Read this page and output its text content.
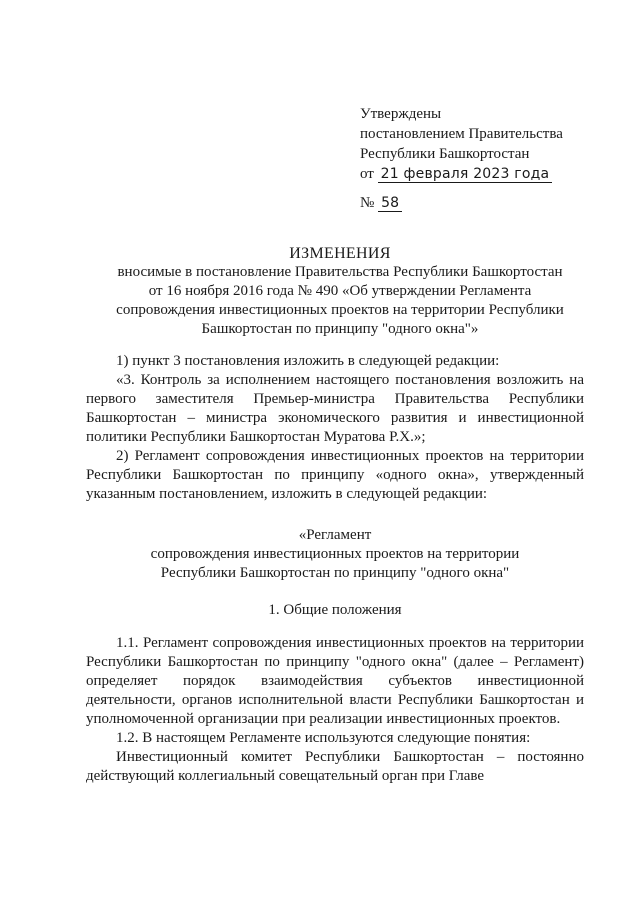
Утверждены
постановлением Правительства
Республики Башкортостан
от 21 февраля 2023 года
№ 58
ИЗМЕНЕНИЯ
вносимые в постановление Правительства Республики Башкортостан
от 16 ноября 2016 года № 490 «Об утверждении Регламента
сопровождения инвестиционных проектов на территории Республики
Башкортостан по принципу "одного окна"»

1) пункт 3 постановления изложить в следующей редакции:

«3. Контроль за исполнением настоящего постановления возложить на первого заместителя Премьер-министра Правительства Республики Башкортостан – министра экономического развития и инвестиционной политики Республики Башкортостан Муратова Р.Х.»;

2) Регламент сопровождения инвестиционных проектов на территории Республики Башкортостан по принципу «одного окна», утвержденный указанным постановлением, изложить в следующей редакции:

«Регламент
сопровождения инвестиционных проектов на территории
Республики Башкортостан по принципу "одного окна"

1. Общие положения

1.1. Регламент сопровождения инвестиционных проектов на территории Республики Башкортостан по принципу "одного окна" (далее – Регламент) определяет порядок взаимодействия субъектов инвестиционной деятельности, органов исполнительной власти Республики Башкортостан и уполномоченной организации при реализации инвестиционных проектов.

1.2. В настоящем Регламенте используются следующие понятия:

Инвестиционный комитет Республики Башкортостан – постоянно действующий коллегиальный совещательный орган при Главе
